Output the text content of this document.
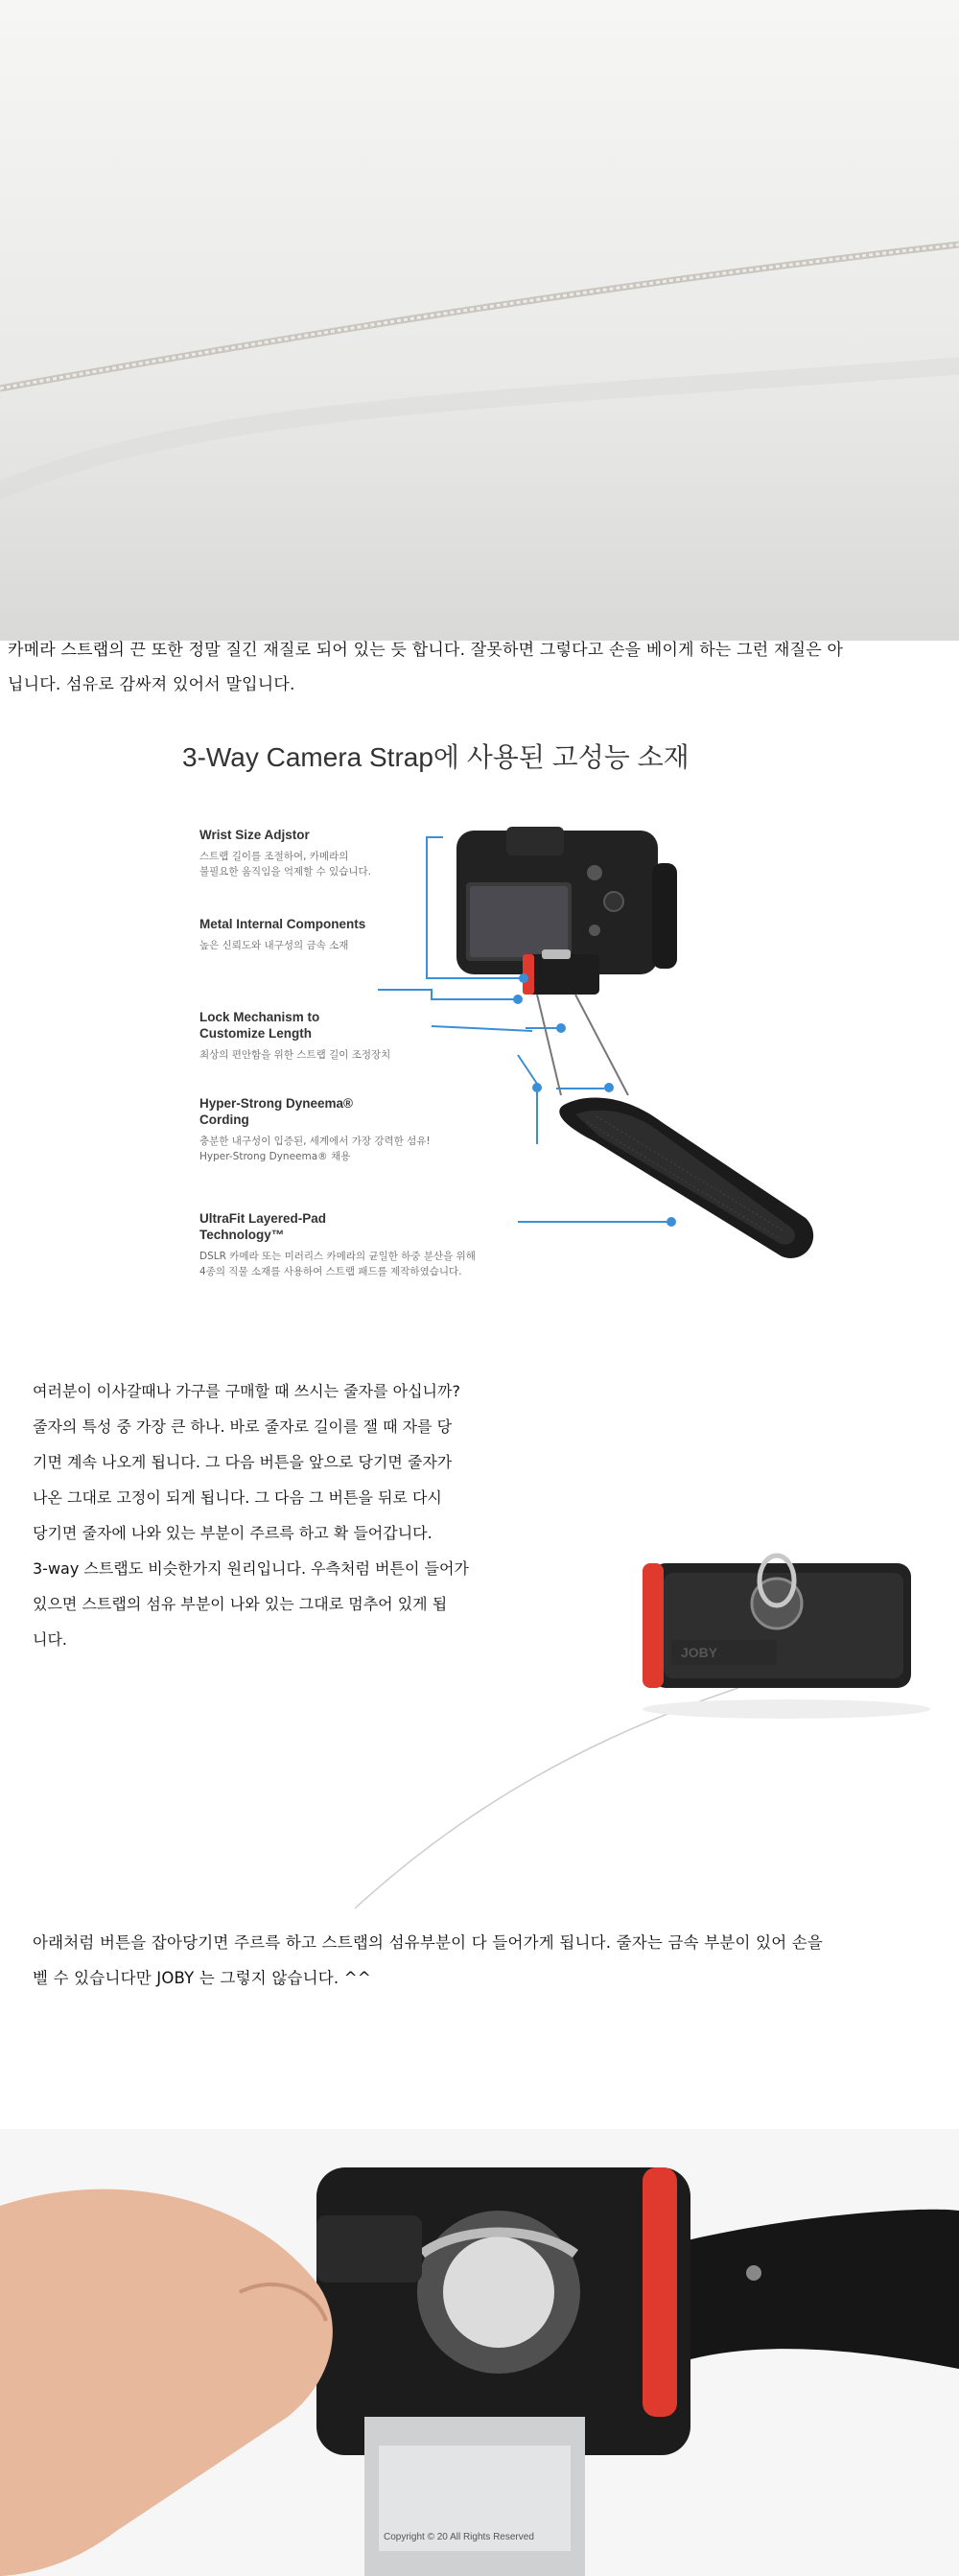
카메라 스트랩의 끈 또한 정말 질긴 재질로 되어 있는 듯 합니다. 잘못하면 그렇다고 손을 베이게 하는 그런 재질은 아
닙니다. 섬유로 감싸져 있어서 말입니다.
3-Way Camera Strap에 사용된 고성능 소재
Wrist Size Adjstor
스트랩 길이를 조절하여, 카메라의
불필요한 움직임을 억제할 수 있습니다.
Metal Internal Components
높은 신뢰도와 내구성의 금속 소재
Lock Mechanism to
Customize Length
최상의 편안함을 위한 스트랩 길이 조정장치
Hyper-Strong Dyneema®
Cording
충분한 내구성이 입증된, 세계에서 가장 강력한 섬유!
Hyper-Strong Dyneema® 채용
UltraFit Layered-Pad
Technology™
DSLR 카메라 또는 미러리스 카메라의 균일한 하중 분산을 위해
4종의 직물 소재를 사용하여 스트랩 패드를 제작하였습니다.

여러분이 이사갈때나 가구를 구매할 때 쓰시는 줄자를 아십니까?

줄자의 특성 중 가장 큰 하나. 바로 줄자로 길이를 잴 때 자를 당

기면 계속 나오게 됩니다. 그 다음 버튼을 앞으로 당기면 줄자가

나온 그대로 고정이 되게 됩니다. 그 다음 그 버튼을 뒤로 다시

당기면 줄자에 나와 있는 부분이 주르륵 하고 확 들어갑니다.

3-way 스트랩도 비슷한가지 원리입니다. 우측처럼 버튼이 들어가

있으면 스트랩의 섬유 부분이 나와 있는 그대로 멈추어 있게 됩

니다.

JOBY
아래처럼 버튼을 잡아당기면 주르륵 하고 스트랩의 섬유부분이 다 들어가게 됩니다. 줄자는 금속 부분이 있어 손을
벨 수 있습니다만 JOBY 는 그렇지 않습니다. ^^
Copyright © 20 All Rights Reserved
